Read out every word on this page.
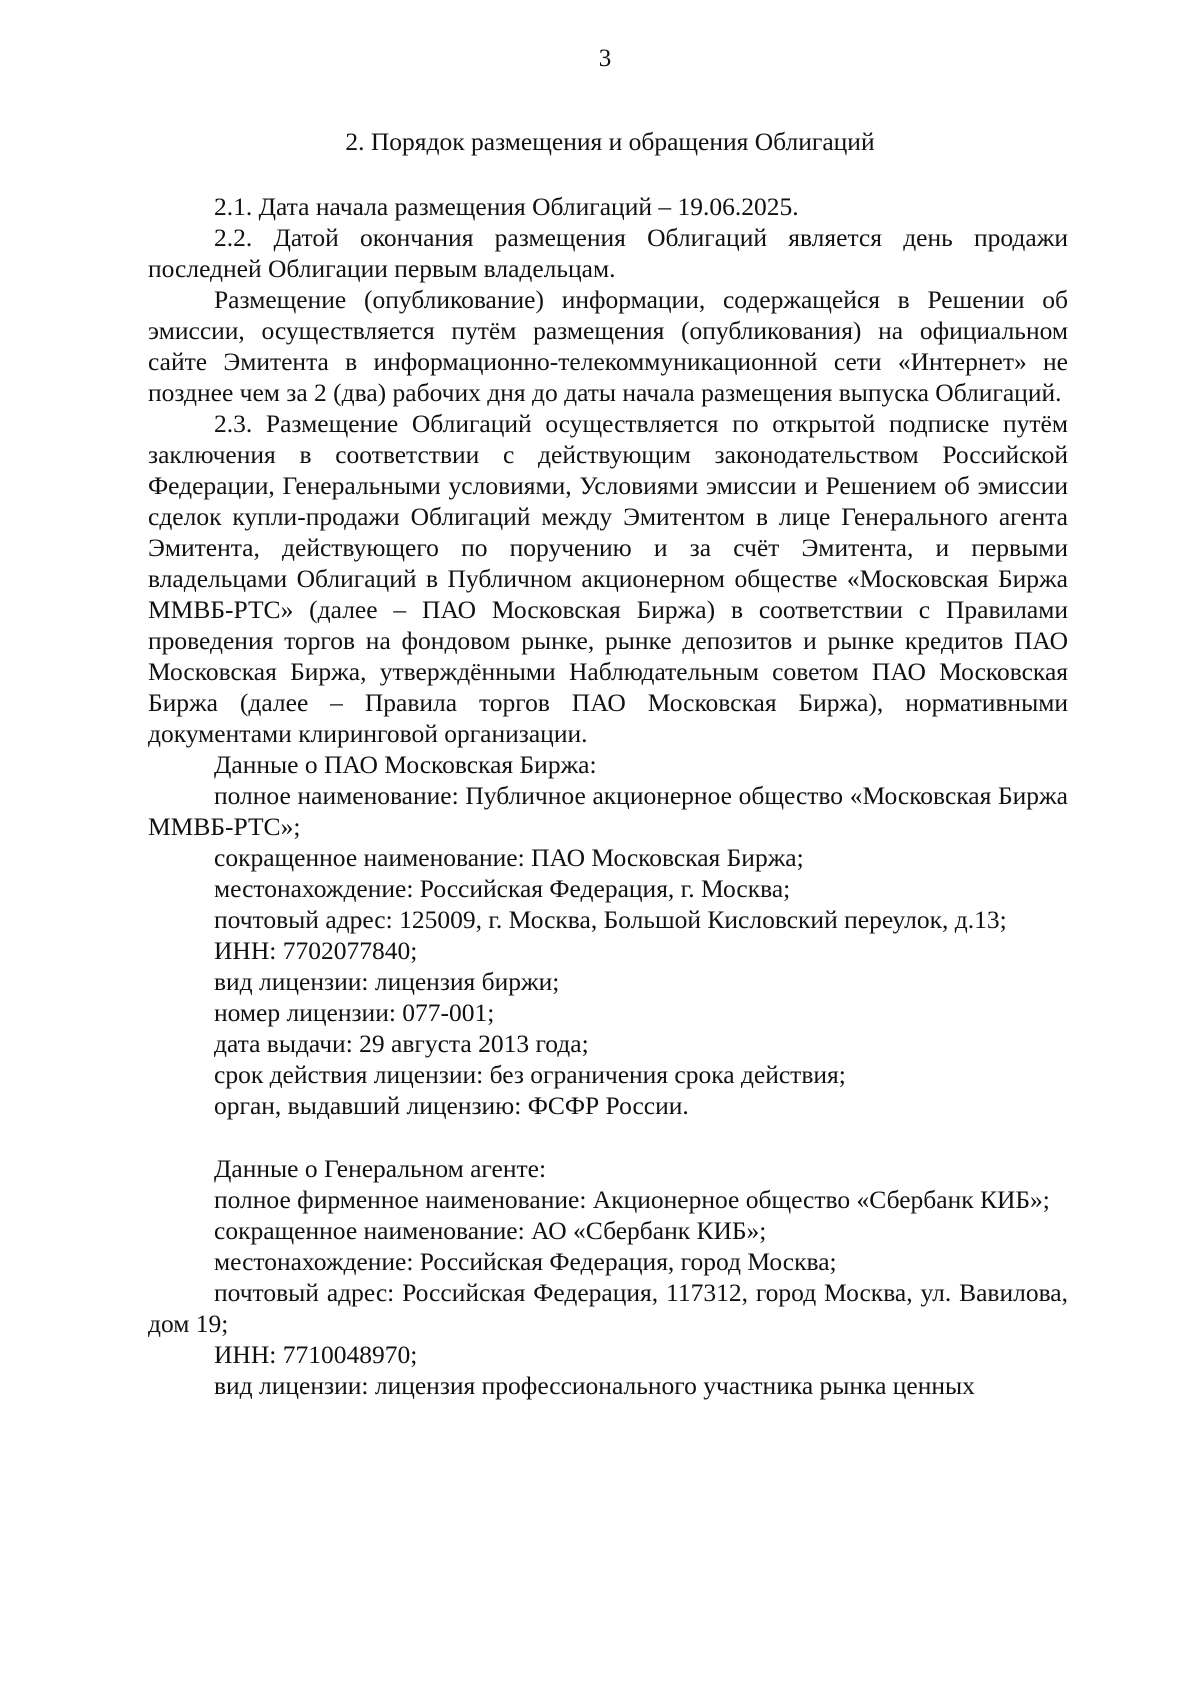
3

2. Порядок размещения и обращения Облигаций

2.1. Дата начала размещения Облигаций – 19.06.2025.

2.2. Датой окончания размещения Облигаций является день продажи последней Облигации первым владельцам.

Размещение (опубликование) информации, содержащейся в Решении об эмиссии, осуществляется путём размещения (опубликования) на официальном сайте Эмитента в информационно-телекоммуникационной сети «Интернет» не позднее чем за 2 (два) рабочих дня до даты начала размещения выпуска Облигаций.

2.3. Размещение Облигаций осуществляется по открытой подписке путём заключения в соответствии с действующим законодательством Российской Федерации, Генеральными условиями, Условиями эмиссии и Решением об эмиссии сделок купли-продажи Облигаций между Эмитентом в лице Генерального агента Эмитента, действующего по поручению и за счёт Эмитента, и первыми владельцами Облигаций в Публичном акционерном обществе «Московская Биржа ММВБ-РТС» (далее – ПАО Московская Биржа) в соответствии с Правилами проведения торгов на фондовом рынке, рынке депозитов и рынке кредитов ПАО Московская Биржа, утверждёнными Наблюдательным советом ПАО Московская Биржа (далее – Правила торгов ПАО Московская Биржа), нормативными документами клиринговой организации.

Данные о ПАО Московская Биржа:

полное наименование: Публичное акционерное общество «Московская Биржа ММВБ-РТС»;

сокращенное наименование: ПАО Московская Биржа;

местонахождение: Российская Федерация, г. Москва;

почтовый адрес: 125009, г. Москва, Большой Кисловский переулок, д.13;

ИНН: 7702077840;

вид лицензии: лицензия биржи;

номер лицензии: 077-001;

дата выдачи: 29 августа 2013 года;

срок действия лицензии: без ограничения срока действия;

орган, выдавший лицензию: ФСФР России.

Данные о Генеральном агенте:

полное фирменное наименование: Акционерное общество «Сбербанк КИБ»;

сокращенное наименование: АО «Сбербанк КИБ»;

местонахождение: Российская Федерация, город Москва;

почтовый адрес: Российская Федерация, 117312, город Москва, ул. Вавилова, дом 19;

ИНН: 7710048970;

вид лицензии: лицензия профессионального участника рынка ценных
